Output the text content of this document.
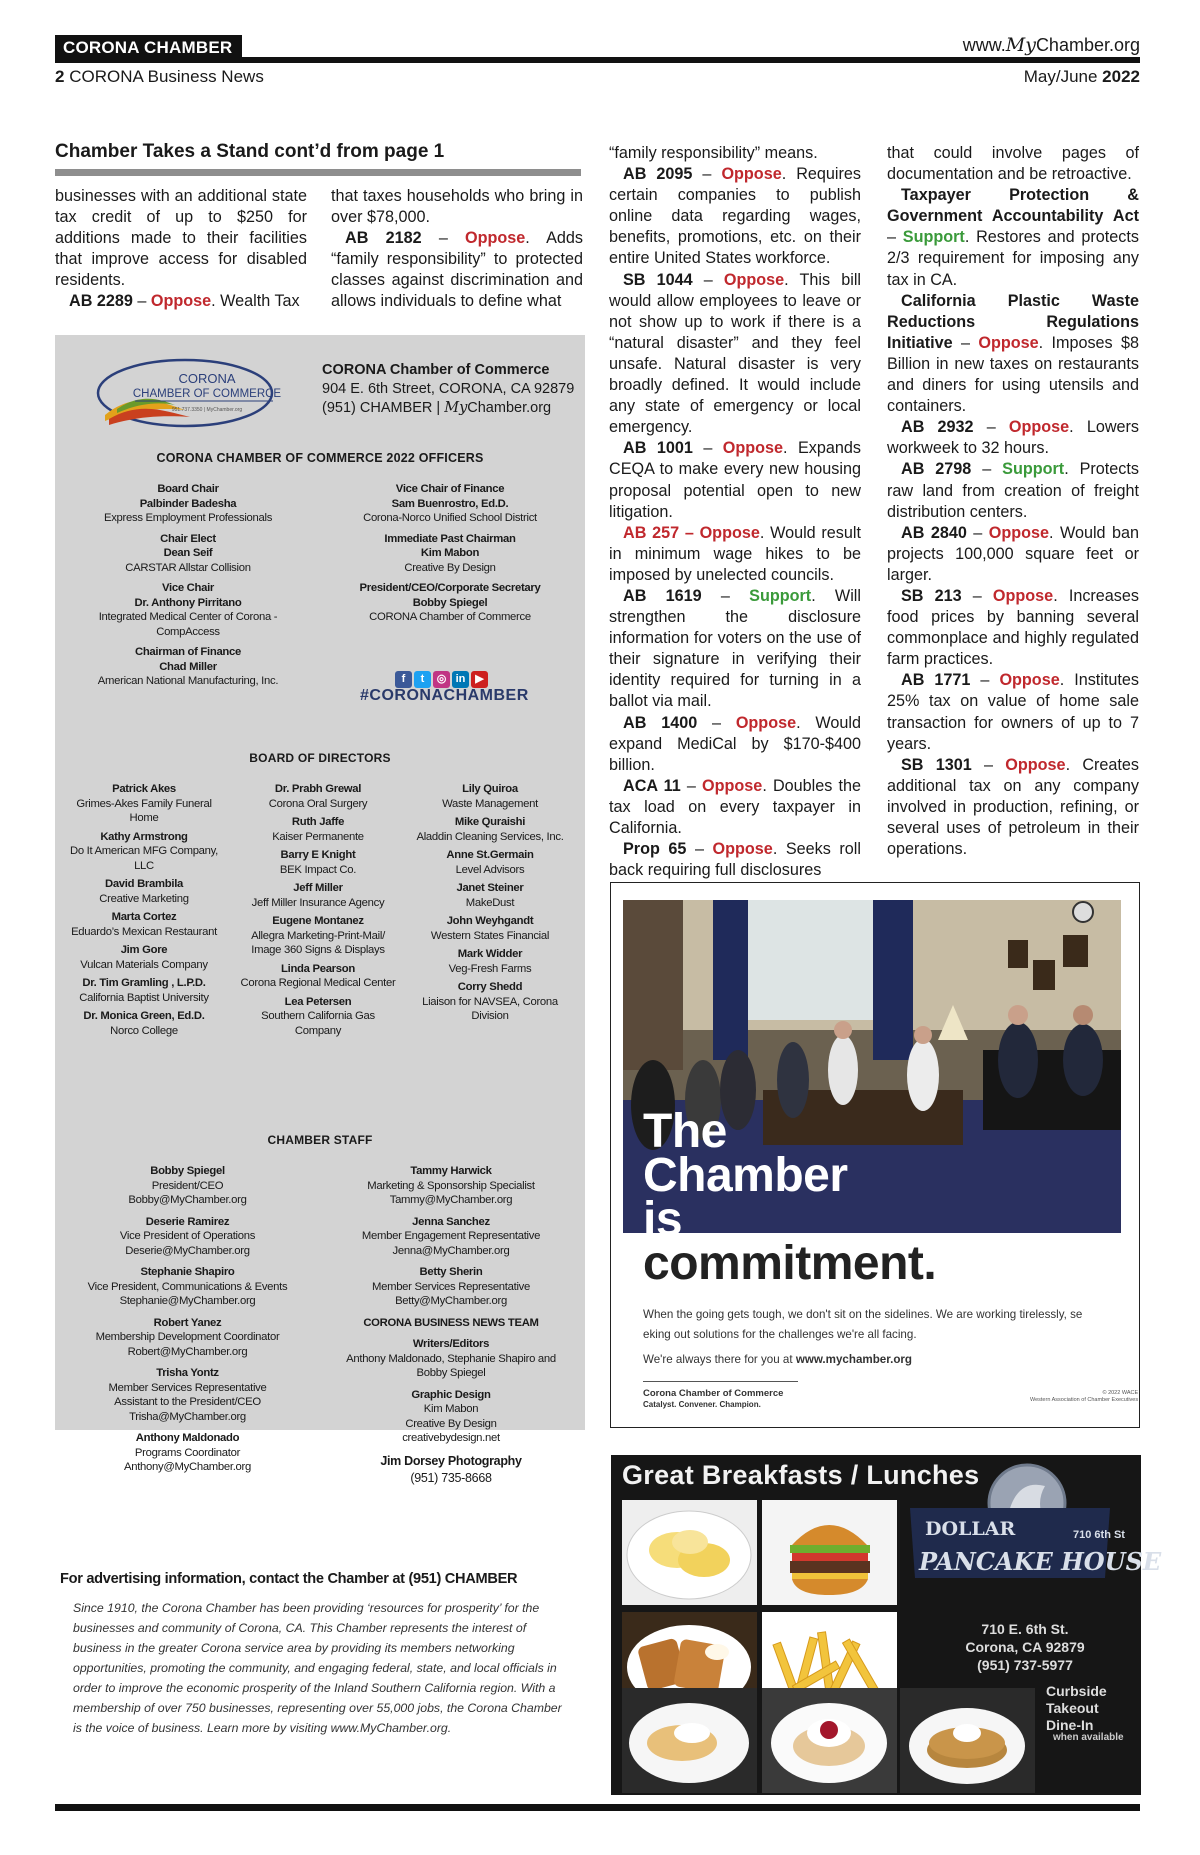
CORONA CHAMBER	www.MyChamber.org
2 CORONA Business News	May/June 2022
Chamber Takes a Stand cont’d from page 1

businesses with an additional state tax credit of up to $250 for additions made to their facilities that improve access for disabled residents.

AB 2289 – Oppose. Wealth Tax

that taxes households who bring in over $78,000.

AB 2182 – Oppose. Adds “family responsibility” to protected classes against discrimination and allows individuals to define what

“family responsibility” means.

AB 2095 – Oppose. Requires certain companies to publish online data regarding wages, benefits, promotions, etc. on their entire United States workforce.

SB 1044 – Oppose. This bill would allow employees to leave or not show up to work if there is a “natural disaster” and they feel unsafe. Natural disaster is very broadly defined. It would include any state of emergency or local emergency.

AB 1001 – Oppose. Expands CEQA to make every new housing proposal potential open to new litigation.

AB 257 – Oppose. Would result in minimum wage hikes to be imposed by unelected councils.

AB 1619 – Support. Will strengthen the disclosure information for voters on the use of their signature in verifying their identity required for turning in a ballot via mail.

AB 1400 – Oppose. Would expand MediCal by $170-$400 billion.

ACA 11 – Oppose. Doubles the tax load on every taxpayer in California.

Prop 65 – Oppose. Seeks roll back requiring full disclosures

that could involve pages of documentation and be retroactive.

Taxpayer Protection & Government Accountability Act – Support. Restores and protects 2/3 requirement for imposing any tax in CA.

California Plastic Waste Reductions Regulations Initiative – Oppose. Imposes $8 Billion in new taxes on restaurants and diners for using utensils and containers.

AB 2932 – Oppose. Lowers workweek to 32 hours.

AB 2798 – Support. Protects raw land from creation of freight distribution centers.

AB 2840 – Oppose. Would ban projects 100,000 square feet or larger.

SB 213 – Oppose. Increases food prices by banning several commonplace and highly regulated farm practices.

AB 1771 – Oppose. Institutes 25% tax on value of home sale transaction for owners of up to 7 years.

SB 1301 – Oppose. Creates additional tax on any company involved in production, refining, or several uses of petroleum in their operations.

CORONA
CHAMBER OF COMMERCE
951.737.3350 | MyChamber.org
CORONA Chamber of Commerce
904 E. 6th Street, CORONA, CA 92879
(951) CHAMBER | MyChamber.org
CORONA CHAMBER OF COMMERCE 2022 OFFICERS
Board Chair
Palbinder Badesha
Express Employment Professionals
Chair Elect
Dean Seif
CARSTAR Allstar Collision
Vice Chair
Dr. Anthony Pirritano
Integrated Medical Center of Corona - CompAccess
Chairman of Finance
Chad Miller
American National Manufacturing, Inc.
Vice Chair of Finance
Sam Buenrostro, Ed.D.
Corona-Norco Unified School District
Immediate Past Chairman
Kim Mabon
Creative By Design
President/CEO/Corporate Secretary
Bobby Spiegel
CORONA Chamber of Commerce
f t ◎ in ▶
#CORONACHAMBER
BOARD OF DIRECTORS
Patrick Akes
Grimes-Akes Family Funeral Home
Kathy Armstrong
Do It American MFG Company, LLC
David Brambila
Creative Marketing
Marta Cortez
Eduardo’s Mexican Restaurant
Jim Gore
Vulcan Materials Company
Dr. Tim Gramling , L.P.D.
California Baptist University
Dr. Monica Green, Ed.D.
Norco College
Dr. Prabh Grewal
Corona Oral Surgery
Ruth Jaffe
Kaiser Permanente
Barry E Knight
BEK Impact Co.
Jeff Miller
Jeff Miller Insurance Agency
Eugene Montanez
Allegra Marketing-Print-Mail/ Image 360 Signs & Displays
Linda Pearson
Corona Regional Medical Center
Lea Petersen
Southern California Gas Company
Lily Quiroa
Waste Management
Mike Quraishi
Aladdin Cleaning Services, Inc.
Anne St.Germain
Level Advisors
Janet Steiner
MakeDust
John Weyhgandt
Western States Financial
Mark Widder
Veg-Fresh Farms
Corry Shedd
Liaison for NAVSEA, Corona Division
CHAMBER STAFF
Bobby Spiegel
President/CEO
Bobby@MyChamber.org
Deserie Ramirez
Vice President of Operations
Deserie@MyChamber.org
Stephanie Shapiro
Vice President, Communications & Events
Stephanie@MyChamber.org
Robert Yanez
Membership Development Coordinator
Robert@MyChamber.org
Trisha Yontz
Member Services Representative
Assistant to the President/CEO
Trisha@MyChamber.org
Anthony Maldonado
Programs Coordinator
Anthony@MyChamber.org
Tammy Harwick
Marketing & Sponsorship Specialist
Tammy@MyChamber.org
Jenna Sanchez
Member Engagement Representative
Jenna@MyChamber.org
Betty Sherin
Member Services Representative
Betty@MyChamber.org
CORONA BUSINESS NEWS TEAM
Writers/Editors
Anthony Maldonado, Stephanie Shapiro and Bobby Spiegel
Graphic Design
Kim Mabon
Creative By Design
creativebydesign.net
Jim Dorsey Photography
(951) 735-8668
For advertising information, contact the Chamber at (951) CHAMBER
Since 1910, the Corona Chamber has been providing ‘resources for prosperity’ for the businesses and community of Corona, CA. This Chamber represents the interest of business in the greater Corona service area by providing its members networking opportunities, promoting the community, and engaging federal, state, and local officials in order to improve the economic prosperity of the Inland Southern California region. With a membership of over 750 businesses, representing over 55,000 jobs, the Corona Chamber is the voice of business. Learn more by visiting www.MyChamber.org.
The
Chamber
is
commitment.
When the going gets tough, we don't sit on the sidelines. We are working tirelessly, se eking out solutions for the challenges we're all facing.
We're always there for you at www.mychamber.org
Corona Chamber of Commerce
Catalyst. Convener. Champion.
© 2022 WACE
Western Association of Chamber Executives
Great Breakfasts / Lunches
DOLLAR	710 6th St
PANCAKE HOUSE
710 E. 6th St.
Corona, CA 92879
(951) 737-5977
Curbside
Takeout
Dine-In
when available
